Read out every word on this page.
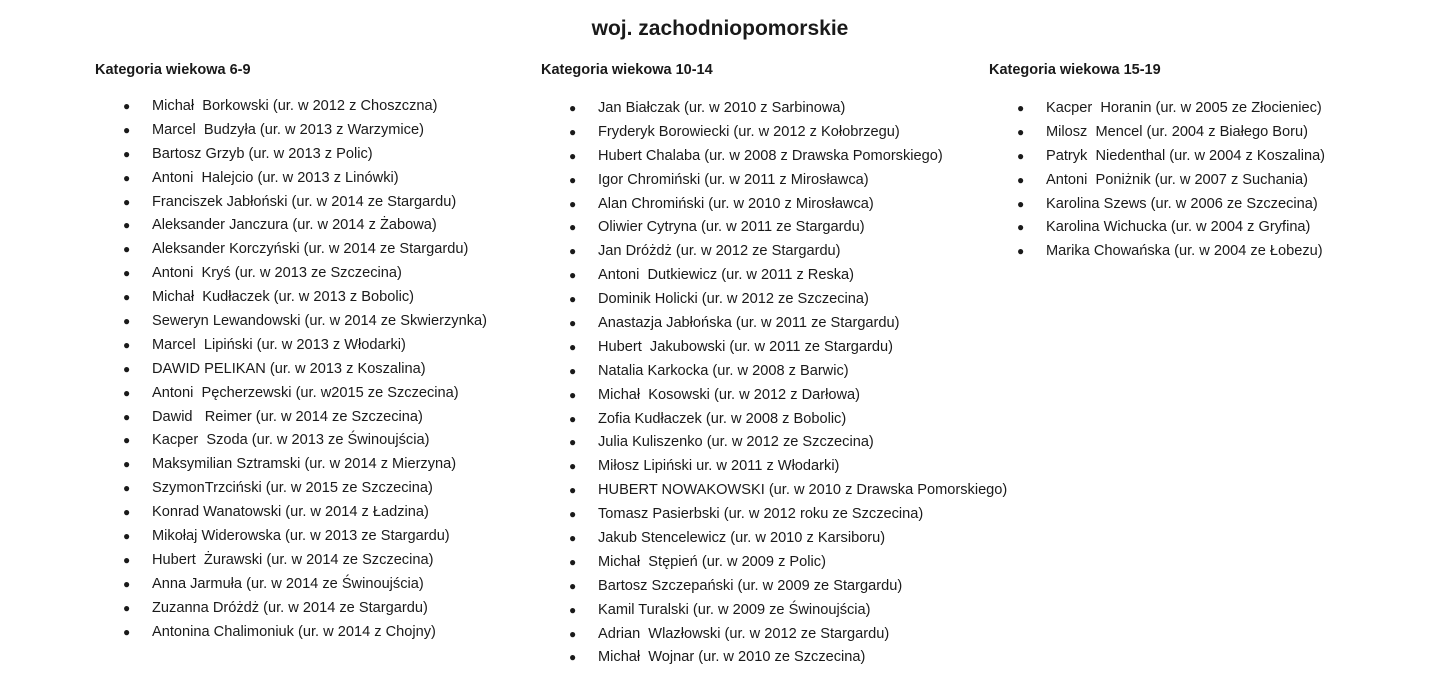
woj. zachodniopomorskie
Kategoria wiekowa 6-9
● Michał  Borkowski (ur. w 2012 z Choszczna)
● Marcel  Budzyła (ur. w 2013 z Warzymice)
● Bartosz Grzyb (ur. w 2013 z Polic)
● Antoni  Halejcio (ur. w 2013 z Linówki)
● Franciszek Jabłoński (ur. w 2014 ze Stargardu)
● Aleksander Janczura (ur. w 2014 z Żabowa)
● Aleksander Korczyński (ur. w 2014 ze Stargardu)
● Antoni  Kryś (ur. w 2013 ze Szczecina)
● Michał  Kudłaczek (ur. w 2013 z Bobolic)
● Seweryn Lewandowski (ur. w 2014 ze Skwierzynka)
● Marcel  Lipiński (ur. w 2013 z Włodarki)
● DAWID PELIKAN (ur. w 2013 z Koszalina)
● Antoni  Pęcherzewski (ur. w2015 ze Szczecina)
● Dawid   Reimer (ur. w 2014 ze Szczecina)
● Kacper  Szoda (ur. w 2013 ze Świnoujścia)
● Maksymilian Sztramski (ur. w 2014 z Mierzyna)
● SzymonTrzciński (ur. w 2015 ze Szczecina)
● Konrad Wanatowski (ur. w 2014 z Ładzina)
● Mikołaj Widerowska (ur. w 2013 ze Stargardu)
● Hubert  Żurawski (ur. w 2014 ze Szczecina)
● Anna Jarmuła (ur. w 2014 ze Świnoujścia)
● Zuzanna Dróżdż (ur. w 2014 ze Stargardu)
● Antonina Chalimoniuk (ur. w 2014 z Chojny)
Kategoria wiekowa 10-14
● Jan Białczak (ur. w 2010 z Sarbinowa)
● Fryderyk Borowiecki (ur. w 2012 z Kołobrzegu)
● Hubert Chalaba (ur. w 2008 z Drawska Pomorskiego)
● Igor Chromiński (ur. w 2011 z Mirosławca)
● Alan Chromiński (ur. w 2010 z Mirosławca)
● Oliwier Cytryna (ur. w 2011 ze Stargardu)
● Jan Dróżdż (ur. w 2012 ze Stargardu)
● Antoni  Dutkiewicz (ur. w 2011 z Reska)
● Dominik Holicki (ur. w 2012 ze Szczecina)
● Anastazja Jabłońska (ur. w 2011 ze Stargardu)
● Hubert  Jakubowski (ur. w 2011 ze Stargardu)
● Natalia Karkocka (ur. w 2008 z Barwic)
● Michał  Kosowski (ur. w 2012 z Darłowa)
● Zofia Kudłaczek (ur. w 2008 z Bobolic)
● Julia Kuliszenko (ur. w 2012 ze Szczecina)
● Miłosz Lipiński ur. w 2011 z Włodarki)
● HUBERT NOWAKOWSKI (ur. w 2010 z Drawska Pomorskiego)
● Tomasz Pasierbski (ur. w 2012 roku ze Szczecina)
● Jakub Stencelewicz (ur. w 2010 z Karsiboru)
● Michał  Stępień (ur. w 2009 z Polic)
● Bartosz Szczepański (ur. w 2009 ze Stargardu)
● Kamil Turalski (ur. w 2009 ze Świnoujścia)
● Adrian  Wlazłowski (ur. w 2012 ze Stargardu)
● Michał  Wojnar (ur. w 2010 ze Szczecina)
Kategoria wiekowa 15-19
● Kacper  Horanin (ur. w 2005 ze Złocieniec)
● Milosz  Mencel (ur. 2004 z Białego Boru)
● Patryk  Niedenthal (ur. w 2004 z Koszalina)
● Antoni  Poniżnik (ur. w 2007 z Suchania)
● Karolina Szews (ur. w 2006 ze Szczecina)
● Karolina Wichucka (ur. w 2004 z Gryfina)
● Marika Chowańska (ur. w 2004 ze Łobezu)
